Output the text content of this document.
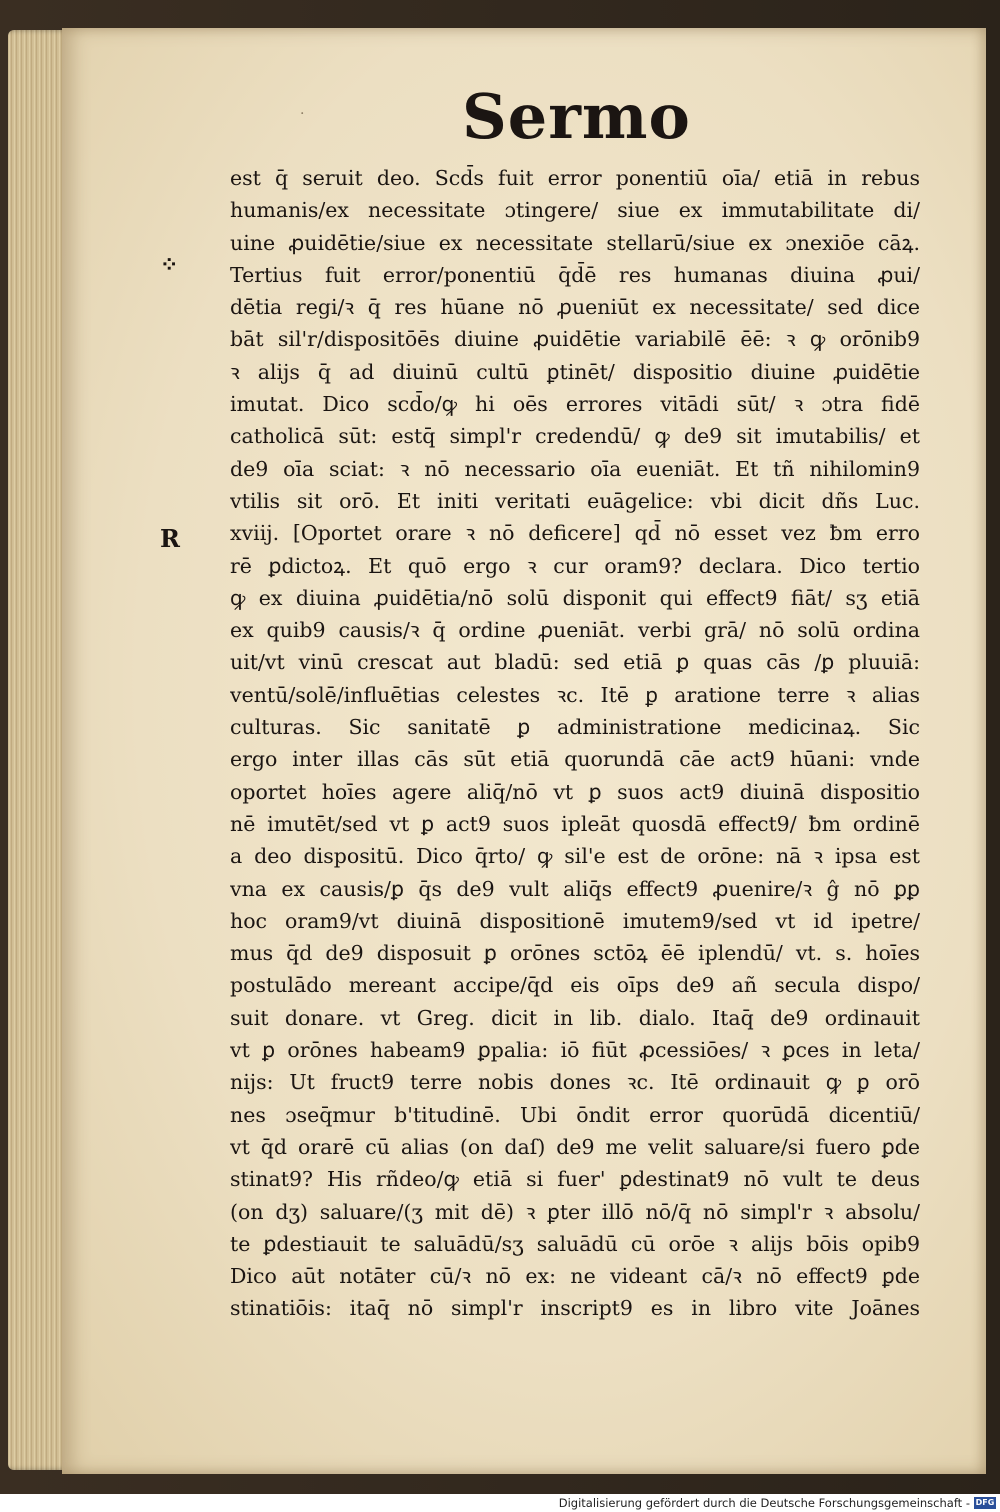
·	Sermo
⁘
R
est q̄ seruit deo. Scd̄s fuit error ponentiū oīa/ etiā in rebus
humanis/ex necessitate ɔtingere/ siue ex immutabilitate di/
uine ꝓuidētie/siue ex necessitate stellarū/siue ex ɔnexiōe cāꝝ.
Tertius fuit error/ponentiū q̄d̄ē res humanas diuina ꝓui/
dētia regi/ꝛ q̄ res hūane nō ꝓueniūt ex necessitate/ sed dice
bāt sil'r/dispositōēs diuine ꝓuidētie variabilē ēē: ꝛ ꝙ orōnib9
ꝛ alijs q̄ ad diuinū cultū ꝑtinēt/ dispositio diuine ꝓuidētie
imutat. Dico scd̄o/ꝙ hi oēs errores vitādi sūt/ ꝛ ɔtra fidē
catholicā sūt: estq̄ simpl'r credendū/ ꝙ de9 sit imutabilis/ et
de9 oīa sciat: ꝛ nō necessario oīa eueniāt. Et tñ nihilomin9
vtilis sit orō. Et initi veritati euāgelice: vbi dicit dñs Luc.
xviij. [Oportet orare ꝛ nō deficere] qd̄ nō esset vez ƀm erro
rē ꝑdictoꝝ. Et quō ergo ꝛ cur oram9? declara. Dico tertio
ꝙ ex diuina ꝓuidētia/nō solū disponit qui effect9 fiāt/ sʒ etiā
ex quib9 causis/ꝛ q̄ ordine ꝓueniāt. verbi grā/ nō solū ordina
uit/vt vinū crescat aut bladū: sed etiā ꝑ quas cās /ꝑ pluuiā:
ventū/solē/influētias celestes ꝛc. Itē ꝑ aratione terre ꝛ alias
culturas. Sic sanitatē ꝑ administratione medicinaꝝ. Sic
ergo inter illas cās sūt etiā quorundā cāe act9 hūani: vnde
oportet hoīes agere aliq̄/nō vt ꝑ suos act9 diuinā dispositio
nē imutēt/sed vt ꝑ act9 suos ipleāt quosdā effect9/ ƀm ordinē
a deo dispositū. Dico q̄rto/ ꝙ sil'e est de orōne: nā ꝛ ipsa est
vna ex causis/ꝑ q̄s de9 vult aliq̄s effect9 ꝓuenire/ꝛ ĝ nō ꝑꝑ
hoc oram9/vt diuinā dispositionē imutem9/sed vt id ipetre/
mus q̄d de9 disposuit ꝑ orōnes sctōꝝ ēē iplendū/ vt. s. hoīes
postulādo mereant accipe/q̄d eis oīps de9 añ secula dispo/
suit donare. vt Greg. dicit in lib. dialo. Itaq̄ de9 ordinauit
vt ꝑ orōnes habeam9 ꝑpalia: iō fiūt ꝓcessiōes/ ꝛ ꝑces in leta/
nijs: Ut fruct9 terre nobis dones ꝛc. Itē ordinauit ꝙ ꝑ orō
nes ɔseq̄mur b'titudinē. Ubi ōndit error quorūdā dicentiū/
vt q̄d orarē cū alias (on daſ) de9 me velit saluare/si fuero ꝑde
stinat9? His rñdeo/ꝙ etiā si fuer' ꝑdestinat9 nō vult te deus
(on dʒ) saluare/(ʒ mit dē) ꝛ ꝑter illō nō/q̄ nō simpl'r ꝛ absolu/
te ꝑdestiauit te saluādū/sʒ saluādū cū orōe ꝛ alijs bōis opib9
Dico aūt notāter cū/ꝛ nō ex: ne videant cā/ꝛ nō effect9 ꝑde
stinatiōis: itaq̄ nō simpl'r inscript9 es in libro vite Joānes
Digitalisierung gefördert durch die Deutsche Forschungsgemeinschaft - DFG
